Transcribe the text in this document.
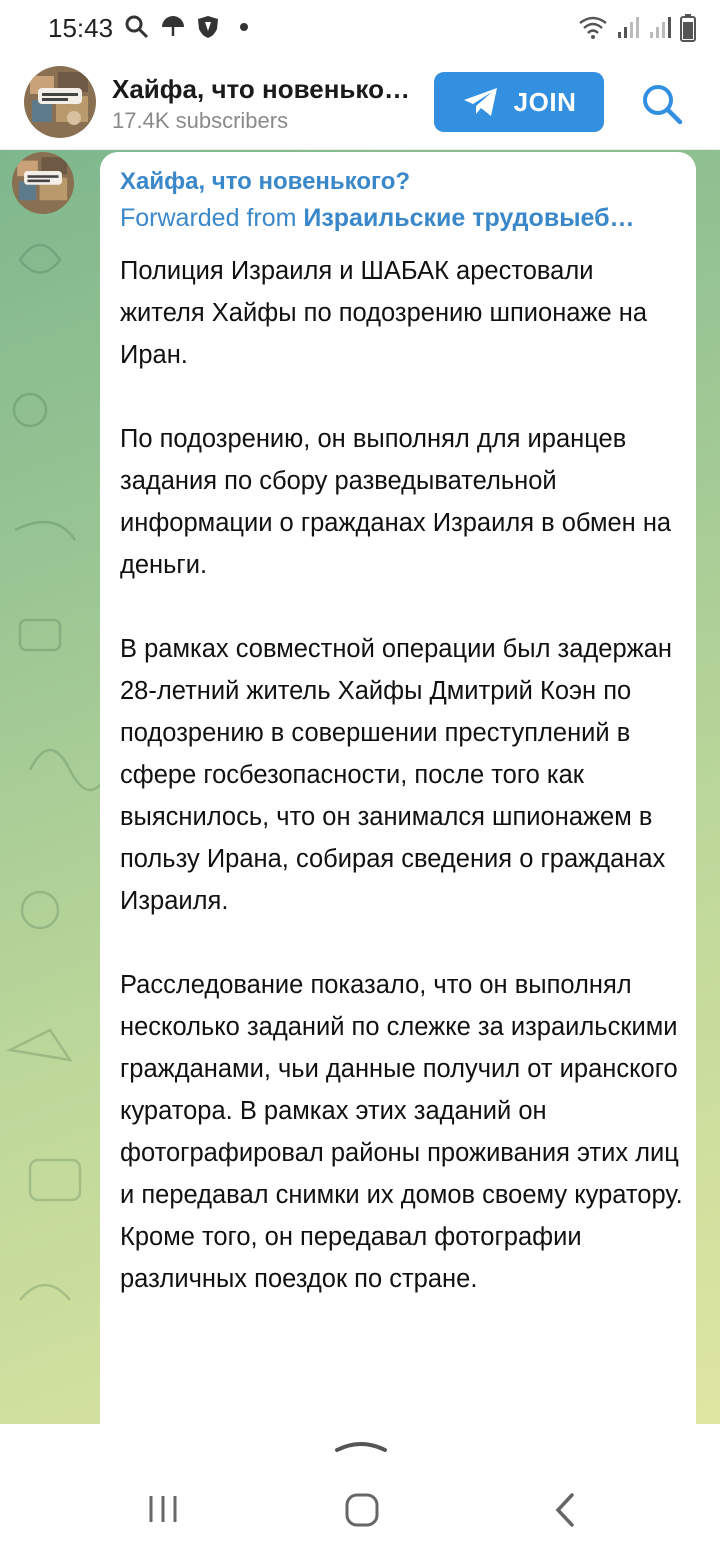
15:43
Хайфа, что новенько…
17.4K subscribers
JOIN
Хайфа, что новенького?
Forwarded from Израильские трудовыеб…

Полиция Израиля и ШАБАК арестовали жителя Хайфы по подозрению шпионаже на Иран.

По подозрению, он выполнял для иранцев задания по сбору разведывательной информации о гражданах Израиля в обмен на деньги.

В рамках совместной операции был задержан 28-летний житель Хайфы Дмитрий Коэн по подозрению в совершении преступлений в сфере госбезопасности, после того как выяснилось, что он занимался шпионажем в пользу Ирана, собирая сведения о гражданах Израиля.

Расследование показало, что он выполнял несколько заданий по слежке за израильскими гражданами, чьи данные получил от иранского куратора. В рамках этих заданий он фотографировал районы проживания этих лиц и передавал снимки их домов своему куратору. Кроме того, он передавал фотографии различных поездок по стране.
